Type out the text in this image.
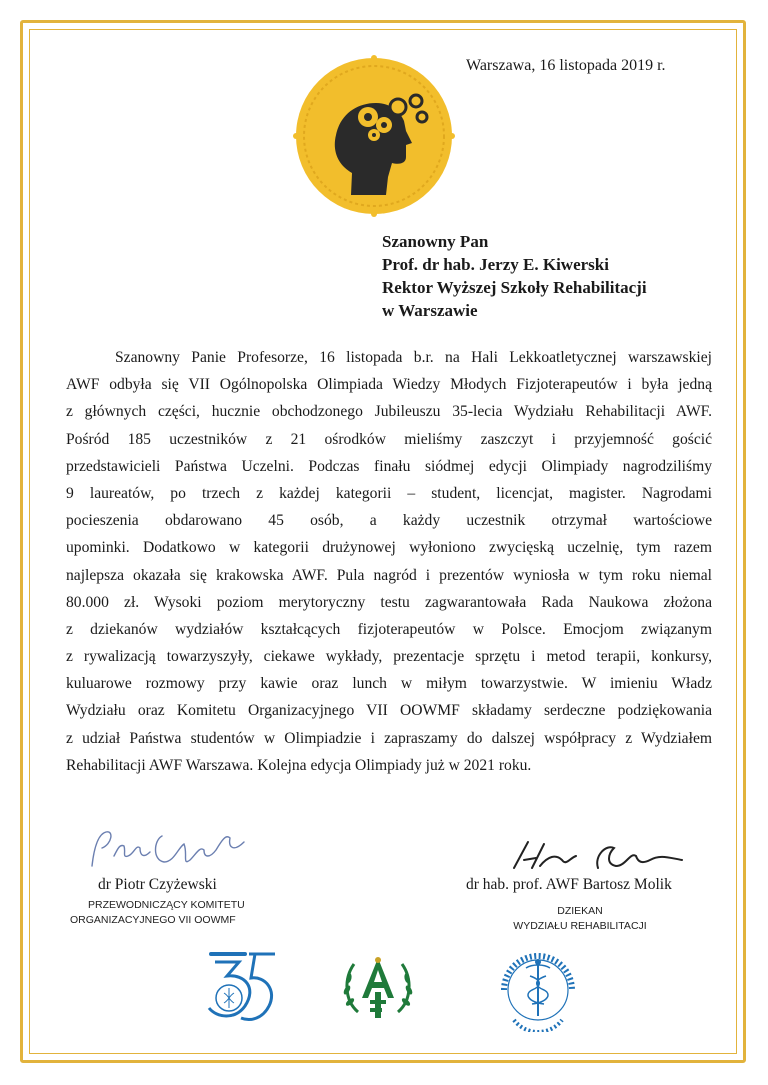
Warszawa, 16 listopada 2019 r.
Szanowny Pan
Prof. dr hab. Jerzy E. Kiwerski
Rektor Wyższej Szkoły Rehabilitacji
w Warszawie
Szanowny Panie Profesorze, 16 listopada b.r. na Hali Lekkoatletycznej warszawskiej
AWF odbyła się VII Ogólnopolska Olimpiada Wiedzy Młodych Fizjoterapeutów i była jedną
z głównych części, hucznie obchodzonego Jubileuszu 35-lecia Wydziału Rehabilitacji AWF.
Pośród 185 uczestników z 21 ośrodków mieliśmy zaszczyt i przyjemność gościć
przedstawicieli Państwa Uczelni. Podczas finału siódmej edycji Olimpiady nagrodziliśmy
9 laureatów, po trzech z każdej kategorii – student, licencjat, magister. Nagrodami
pocieszenia obdarowano 45 osób, a każdy uczestnik otrzymał wartościowe
upominki. Dodatkowo w kategorii drużynowej wyłoniono zwycięską uczelnię, tym razem
najlepsza okazała się krakowska AWF. Pula nagród i prezentów wyniosła w tym roku niemal
80.000 zł. Wysoki poziom merytoryczny testu zagwarantowała Rada Naukowa złożona
z dziekanów wydziałów kształcących fizjoterapeutów w Polsce. Emocjom związanym
z rywalizacją towarzyszyły, ciekawe wykłady, prezentacje sprzętu i metod terapii, konkursy,
kuluarowe rozmowy przy kawie oraz lunch w miłym towarzystwie. W imieniu Władz
Wydziału oraz Komitetu Organizacyjnego VII OOWMF składamy serdeczne podziękowania
z udział Państwa studentów w Olimpiadzie i zapraszamy do dalszej współpracy z Wydziałem
Rehabilitacji AWF Warszawa. Kolejna edycja Olimpiady już w 2021 roku.
dr Piotr Czyżewski	dr hab. prof. AWF Bartosz Molik
PRZEWODNICZĄCY KOMITETU
ORGANIZACYJNEGO VII OOWMF
DZIEKAN
WYDZIAŁU REHABILITACJI
